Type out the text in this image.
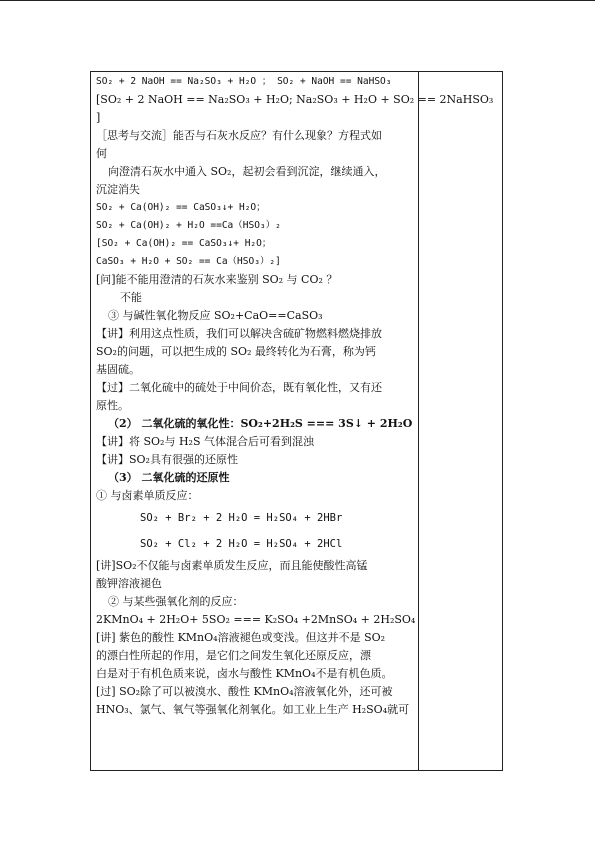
SO₂ + 2 NaOH == Na₂SO₃ + H₂O ； SO₂ + NaOH == NaHSO₃
[SO₂ + 2 NaOH == Na₂SO₃ + H₂O; Na₂SO₃ + H₂O + SO₂ == 2NaHSO₃
]
［思考与交流］能否与石灰水反应？有什么现象？方程式如
何
向澄清石灰水中通入 SO₂，起初会看到沉淀，继续通入，
沉淀消失
SO₂ + Ca(OH)₂ == CaSO₃↓+ H₂O；
SO₂ + Ca(OH)₂ + H₂O ==Ca（HSO₃）₂
[SO₂ + Ca(OH)₂ == CaSO₃↓+ H₂O；
CaSO₃ + H₂O + SO₂ == Ca（HSO₃）₂]
[问]能不能用澄清的石灰水来鉴别 SO₂ 与 CO₂ ？
不能
③ 与碱性氧化物反应 SO₂+CaO==CaSO₃
【讲】利用这点性质，我们可以解决含硫矿物燃料燃烧排放
SO₂的问题，可以把生成的 SO₂ 最终转化为石膏，称为钙
基固硫。
【过】二氧化硫中的硫处于中间价态，既有氧化性，又有还
原性。
（2） 二氧化硫的氧化性：SO₂+2H₂S === 3S↓ + 2H₂O
【讲】将 SO₂与 H₂S 气体混合后可看到混浊
【讲】SO₂具有很强的还原性
（3） 二氧化硫的还原性
① 与卤素单质反应：
SO₂ + Br₂ + 2 H₂O = H₂SO₄ + 2HBr
SO₂ + Cl₂ + 2 H₂O = H₂SO₄ + 2HCl
[讲]SO₂不仅能与卤素单质发生反应，而且能使酸性高锰
酸钾溶液褪色
② 与某些强氧化剂的反应：
2KMnO₄ + 2H₂O+ 5SO₂ === K₂SO₄ +2MnSO₄ + 2H₂SO₄
[讲] 紫色的酸性 KMnO₄溶液褪色或变浅。但这并不是 SO₂
的漂白性所起的作用，是它们之间发生氧化还原反应，漂
白是对于有机色质来说，卤水与酸性 KMnO₄不是有机色质。
[过] SO₂除了可以被溴水、酸性 KMnO₄溶液氧化外，还可被
HNO₃、氯气、氧气等强氧化剂氧化。如工业上生产 H₂SO₄就可
